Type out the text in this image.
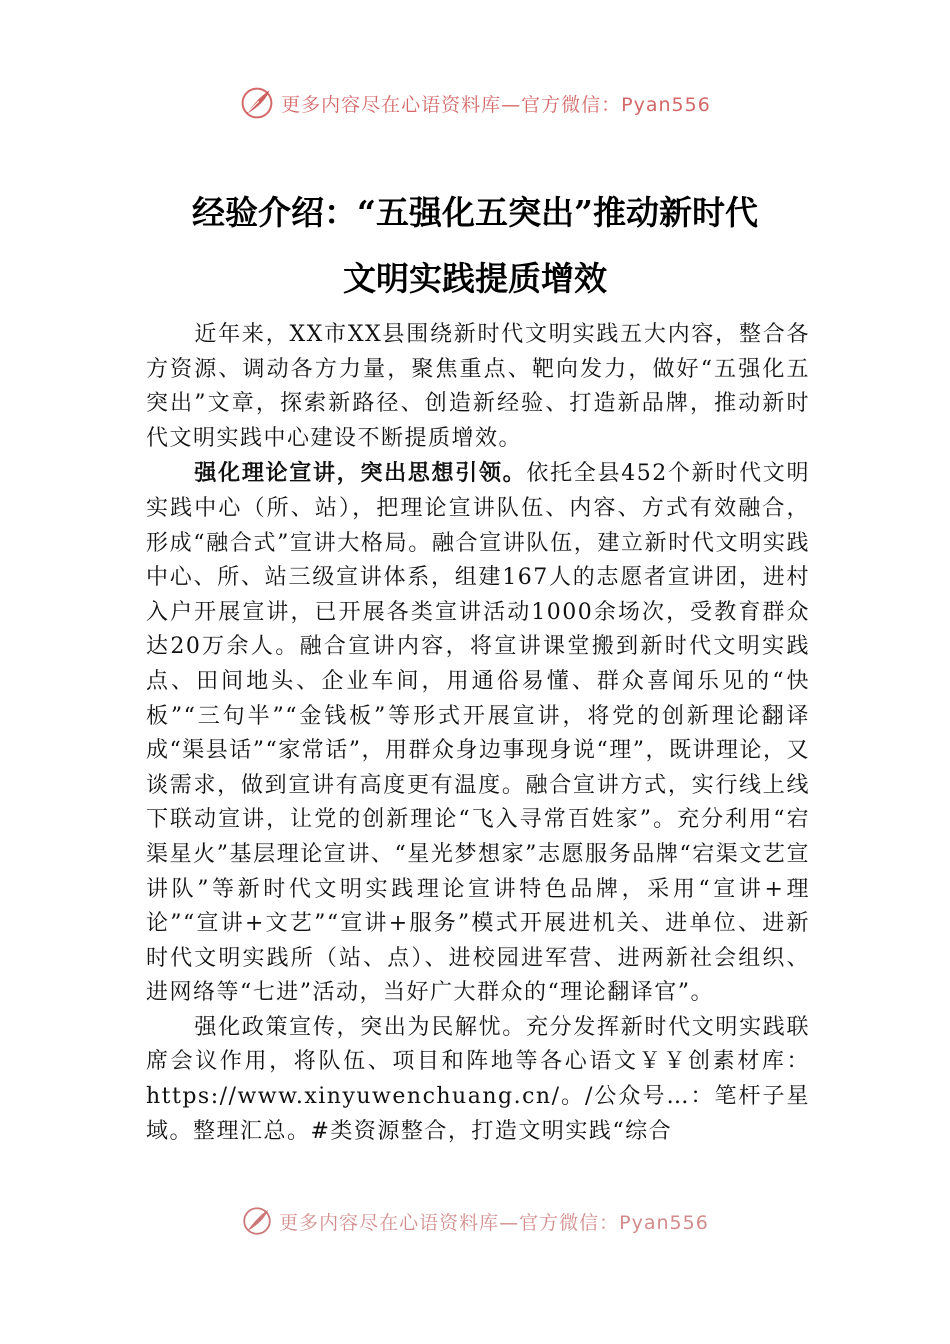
更多内容尽在心语资料库—官方微信：Pyan556
经验介绍：“五强化五突出”推动新时代
文明实践提质增效

近年来，XX市XX县围绕新时代文明实践五大内容，整合各方资源、调动各方力量，聚焦重点、靶向发力，做好“五强化五突出”文章，探索新路径、创造新经验、打造新品牌，推动新时代文明实践中心建设不断提质增效。

强化理论宣讲，突出思想引领。依托全县452个新时代文明实践中心（所、站），把理论宣讲队伍、内容、方式有效融合，形成“融合式”宣讲大格局。融合宣讲队伍，建立新时代文明实践中心、所、站三级宣讲体系，组建167人的志愿者宣讲团，进村入户开展宣讲，已开展各类宣讲活动1000余场次，受教育群众达20万余人。融合宣讲内容，将宣讲课堂搬到新时代文明实践点、田间地头、企业车间，用通俗易懂、群众喜闻乐见的“快板”“三句半”“金钱板”等形式开展宣讲，将党的创新理论翻译成“渠县话”“家常话”，用群众身边事现身说“理”，既讲理论，又谈需求，做到宣讲有高度更有温度。融合宣讲方式，实行线上线下联动宣讲，让党的创新理论“飞入寻常百姓家”。充分利用“宕渠星火”基层理论宣讲、“星光梦想家”志愿服务品牌“宕渠文艺宣讲队”等新时代文明实践理论宣讲特色品牌，采用“宣讲+理论”“宣讲+文艺”“宣讲+服务”模式开展进机关、进单位、进新时代文明实践所（站、点）、进校园进军营、进两新社会组织、进网络等“七进”活动，当好广大群众的“理论翻译官”。

强化政策宣传，突出为民解忧。充分发挥新时代文明实践联席会议作用，将队伍、项目和阵地等各心语文￥￥创素材库：https://www.xinyuwenchuang.cn/。/公众号…：笔杆子星域。整理汇总。#类资源整合，打造文明实践“综合

更多内容尽在心语资料库—官方微信：Pyan556
